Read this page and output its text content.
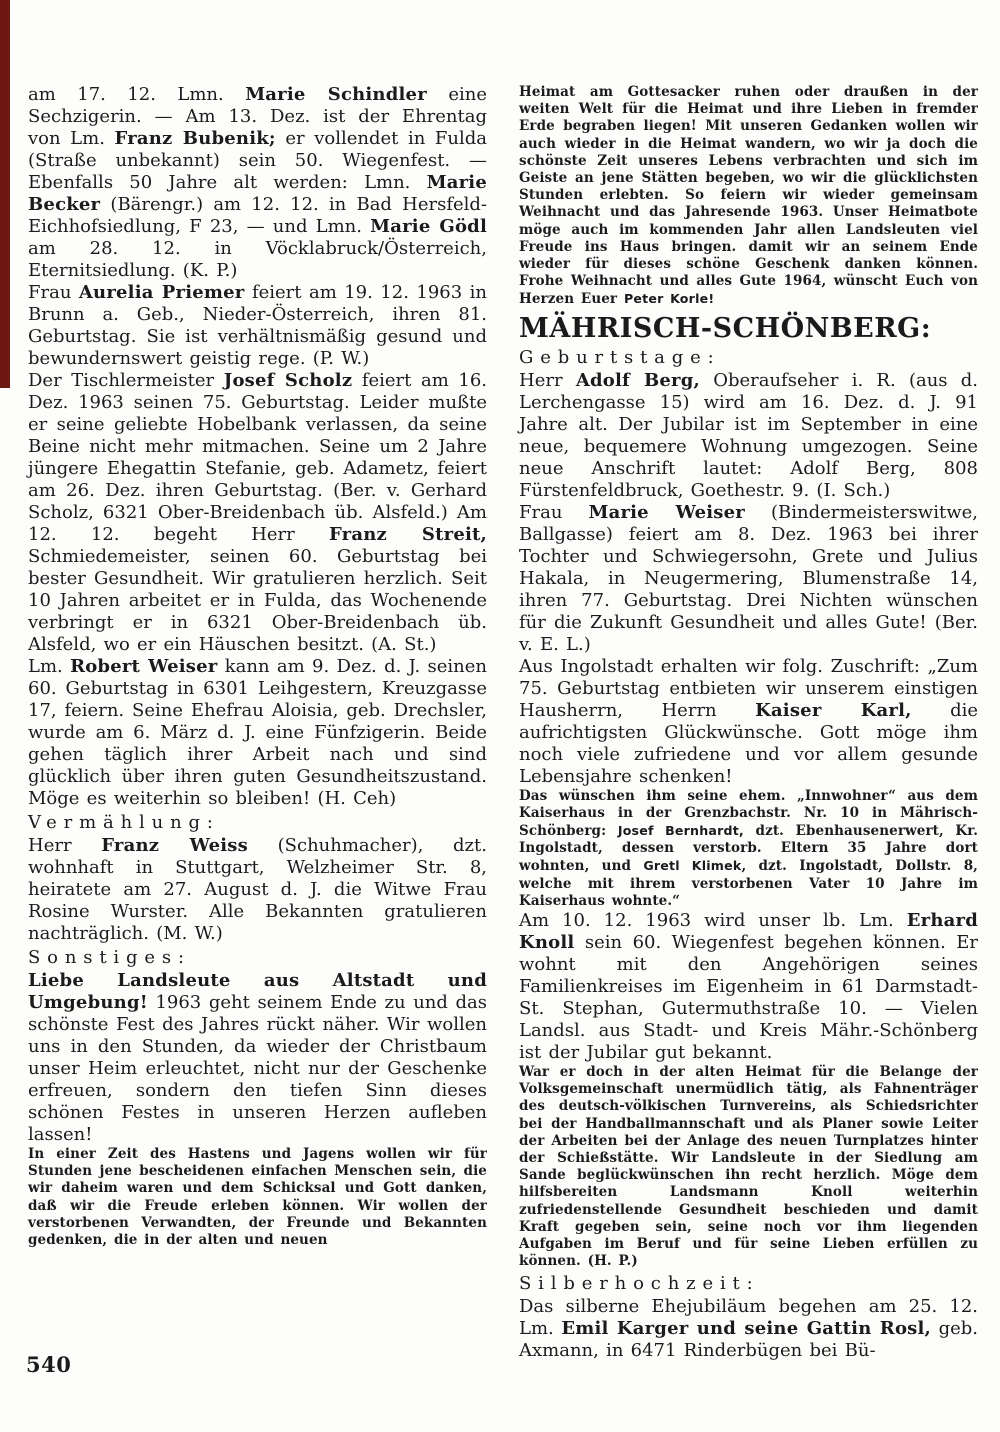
am 17. 12. Lmn. Marie Schindler eine Sechzigerin. — Am 13. Dez. ist der Ehrentag von Lm. Franz Bubenik; er vollendet in Fulda (Straße unbekannt) sein 50. Wiegenfest. — Ebenfalls 50 Jahre alt werden: Lmn. Marie Becker (Bärengr.) am 12. 12. in Bad Hersfeld-Eichhofsiedlung, F 23, — und Lmn. Marie Gödl am 28. 12. in Vöcklabruck/Österreich, Eternitsiedlung. (K. P.)

Frau Aurelia Priemer feiert am 19. 12. 1963 in Brunn a. Geb., Nieder-Österreich, ihren 81. Geburtstag. Sie ist verhältnismäßig gesund und bewundernswert geistig rege. (P. W.)

Der Tischlermeister Josef Scholz feiert am 16. Dez. 1963 seinen 75. Geburtstag. Leider mußte er seine geliebte Hobelbank verlassen, da seine Beine nicht mehr mitmachen. Seine um 2 Jahre jüngere Ehegattin Stefanie, geb. Adametz, feiert am 26. Dez. ihren Geburtstag. (Ber. v. Gerhard Scholz, 6321 Ober-Breidenbach üb. Alsfeld.) Am 12. 12. begeht Herr Franz Streit, Schmiedemeister, seinen 60. Geburtstag bei bester Gesundheit. Wir gratulieren herzlich. Seit 10 Jahren arbeitet er in Fulda, das Wochenende verbringt er in 6321 Ober-Breidenbach üb. Alsfeld, wo er ein Häuschen besitzt. (A. St.)

Lm. Robert Weiser kann am 9. Dez. d. J. seinen 60. Geburtstag in 6301 Leihgestern, Kreuzgasse 17, feiern. Seine Ehefrau Aloisia, geb. Drechsler, wurde am 6. März d. J. eine Fünfzigerin. Beide gehen täglich ihrer Arbeit nach und sind glücklich über ihren guten Gesundheitszustand. Möge es weiterhin so bleiben! (H. Ceh)

Vermählung:

Herr Franz Weiss (Schuhmacher), dzt. wohnhaft in Stuttgart, Welzheimer Str. 8, heiratete am 27. August d. J. die Witwe Frau Rosine Wurster. Alle Bekannten gratulieren nachträglich. (M. W.)

Sonstiges:

Liebe Landsleute aus Altstadt und Umgebung! 1963 geht seinem Ende zu und das schönste Fest des Jahres rückt näher. Wir wollen uns in den Stunden, da wieder der Christbaum unser Heim erleuchtet, nicht nur der Geschenke erfreuen, sondern den tiefen Sinn dieses schönen Festes in unseren Herzen aufleben lassen!

In einer Zeit des Hastens und Jagens wollen wir für Stunden jene bescheidenen einfachen Menschen sein, die wir daheim waren und dem Schicksal und Gott danken, daß wir die Freude erleben können. Wir wollen der verstorbenen Verwandten, der Freunde und Bekannten gedenken, die in der alten und neuen

Heimat am Gottesacker ruhen oder draußen in der weiten Welt für die Heimat und ihre Lieben in fremder Erde begraben liegen! Mit unseren Gedanken wollen wir auch wieder in die Heimat wandern, wo wir ja doch die schönste Zeit unseres Lebens verbrachten und sich im Geiste an jene Stätten begeben, wo wir die glücklichsten Stunden erlebten. So feiern wir wieder gemeinsam Weihnacht und das Jahresende 1963. Unser Heimatbote möge auch im kommenden Jahr allen Landsleuten viel Freude ins Haus bringen. damit wir an seinem Ende wieder für dieses schöne Geschenk danken können. Frohe Weihnacht und alles Gute 1964, wünscht Euch von Herzen Euer Peter Korle!

MÄHRISCH-SCHÖNBERG:

Geburtstage:

Herr Adolf Berg, Oberaufseher i. R. (aus d. Lerchengasse 15) wird am 16. Dez. d. J. 91 Jahre alt. Der Jubilar ist im September in eine neue, bequemere Wohnung umgezogen. Seine neue Anschrift lautet: Adolf Berg, 808 Fürstenfeldbruck, Goethestr. 9. (I. Sch.)

Frau Marie Weiser (Bindermeisterswitwe, Ballgasse) feiert am 8. Dez. 1963 bei ihrer Tochter und Schwiegersohn, Grete und Julius Hakala, in Neugermering, Blumenstraße 14, ihren 77. Geburtstag. Drei Nichten wünschen für die Zukunft Gesundheit und alles Gute! (Ber. v. E. L.)

Aus Ingolstadt erhalten wir folg. Zuschrift: „Zum 75. Geburtstag entbieten wir unserem einstigen Hausherrn, Herrn Kaiser Karl, die aufrichtigsten Glückwünsche. Gott möge ihm noch viele zufriedene und vor allem gesunde Lebensjahre schenken!

Das wünschen ihm seine ehem. „Innwohner“ aus dem Kaiserhaus in der Grenzbachstr. Nr. 10 in Mährisch-Schönberg: Josef Bernhardt, dzt. Ebenhausenerwert, Kr. Ingolstadt, dessen verstorb. Eltern 35 Jahre dort wohnten, und Gretl Klimek, dzt. Ingolstadt, Dollstr. 8, welche mit ihrem verstorbenen Vater 10 Jahre im Kaiserhaus wohnte.“

Am 10. 12. 1963 wird unser lb. Lm. Erhard Knoll sein 60. Wiegenfest begehen können. Er wohnt mit den Angehörigen seines Familienkreises im Eigenheim in 61 Darmstadt-St. Stephan, Gutermuthstraße 10. — Vielen Landsl. aus Stadt- und Kreis Mähr.-Schönberg ist der Jubilar gut bekannt.

War er doch in der alten Heimat für die Belange der Volksgemeinschaft unermüdlich tätig, als Fahnenträger des deutsch-völkischen Turnvereins, als Schiedsrichter bei der Handballmannschaft und als Planer sowie Leiter der Arbeiten bei der Anlage des neuen Turnplatzes hinter der Schießstätte. Wir Landsleute in der Siedlung am Sande beglückwünschen ihn recht herzlich. Möge dem hilfsbereiten Landsmann Knoll weiterhin zufriedenstellende Gesundheit beschieden und damit Kraft gegeben sein, seine noch vor ihm liegenden Aufgaben im Beruf und für seine Lieben erfüllen zu können. (H. P.)

Silberhochzeit:

Das silberne Ehejubiläum begehen am 25. 12. Lm. Emil Karger und seine Gattin Rosl, geb. Axmann, in 6471 Rinderbügen bei Bü-

540
